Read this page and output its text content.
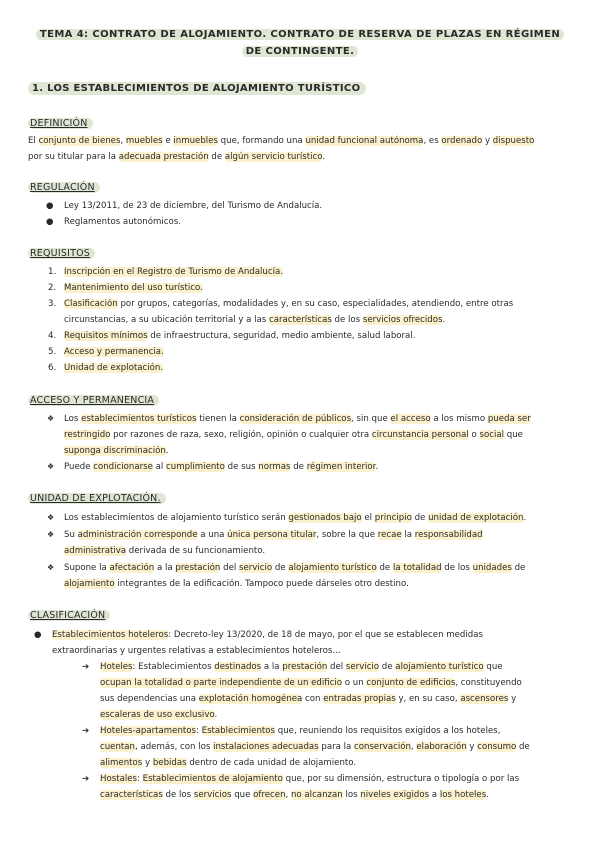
TEMA 4: CONTRATO DE ALOJAMIENTO. CONTRATO DE RESERVA DE PLAZAS EN RÉGIMEN
DE CONTINGENTE.
1. LOS ESTABLECIMIENTOS DE ALOJAMIENTO TURÍSTICO
DEFINICIÓN
El conjunto de bienes, muebles e inmuebles que, formando una unidad funcional autónoma, es ordenado y dispuesto
por su titular para la adecuada prestación de algún servicio turístico.
REGULACIÓN
● Ley 13/2011, de 23 de diciembre, del Turismo de Andalucía.
● Reglamentos autonómicos.
REQUISITOS
1. Inscripción en el Registro de Turismo de Andalucía.
2. Mantenimiento del uso turístico.
3. Clasificación por grupos, categorías, modalidades y, en su caso, especialidades, atendiendo, entre otras
circunstancias, a su ubicación territorial y a las características de los servicios ofrecidos.
4. Requisitos mínimos de infraestructura, seguridad, medio ambiente, salud laboral.
5. Acceso y permanencia.
6. Unidad de explotación.
ACCESO Y PERMANENCIA
❖ Los establecimientos turísticos tienen la consideración de públicos, sin que el acceso a los mismo pueda ser
restringido por razones de raza, sexo, religión, opinión o cualquier otra circunstancia personal o social que
suponga discriminación.
❖ Puede condicionarse al cumplimiento de sus normas de régimen interior.
UNIDAD DE EXPLOTACIÓN.
❖ Los establecimientos de alojamiento turístico serán gestionados bajo el principio de unidad de explotación.
❖ Su administración corresponde a una única persona titular, sobre la que recae la responsabilidad
administrativa derivada de su funcionamiento.
❖ Supone la afectación a la prestación del servicio de alojamiento turístico de la totalidad de los unidades de
alojamiento integrantes de la edificación. Tampoco puede dárseles otro destino.
CLASIFICACIÓN
● Establecimientos hoteleros: Decreto-ley 13/2020, de 18 de mayo, por el que se establecen medidas
extraordinarias y urgentes relativas a establecimientos hoteleros...
➔ Hoteles: Establecimientos destinados a la prestación del servicio de alojamiento turístico que
ocupan la totalidad o parte independiente de un edificio o un conjunto de edificios, constituyendo
sus dependencias una explotación homogénea con entradas propias y, en su caso, ascensores y
escaleras de uso exclusivo.
➔ Hoteles-apartamentos: Establecimientos que, reuniendo los requisitos exigidos a los hoteles,
cuentan, además, con los instalaciones adecuadas para la conservación, elaboración y consumo de
alimentos y bebidas dentro de cada unidad de alojamiento.
➔ Hostales: Establecimientos de alojamiento que, por su dimensión, estructura o tipología o por las
características de los servicios que ofrecen, no alcanzan los niveles exigidos a los hoteles.
